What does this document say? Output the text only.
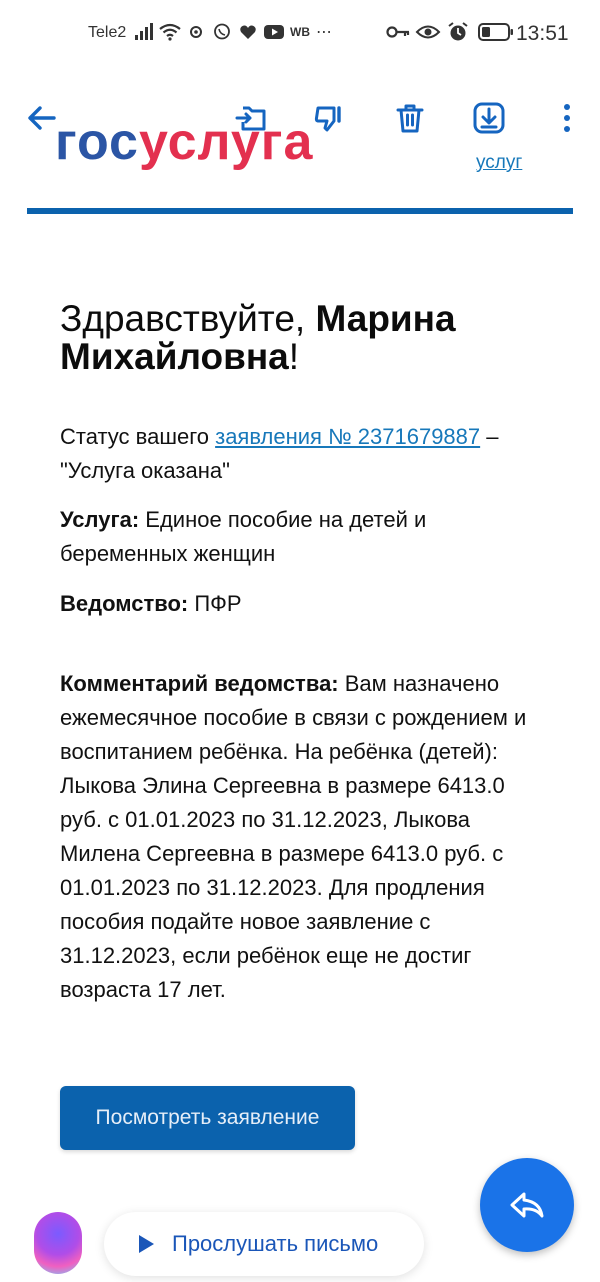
Tele2	WB ⋯	13:51
госуслуга	услуг

Здравствуйте, Марина Михайловна!

Статус вашего заявления № 2371679887 – "Услуга оказана"

Услуга: Единое пособие на детей и беременных женщин

Ведомство: ПФР

Комментарий ведомства: Вам назначено ежемесячное пособие в связи с рождением и воспитанием ребёнка. На ребёнка (детей): Лыкова Элина Сергеевна в размере 6413.0 руб. с 01.01.2023 по 31.12.2023, Лыкова Милена Сергеевна в размере 6413.0 руб. с 01.01.2023 по 31.12.2023. Для продления пособия подайте новое заявление с 31.12.2023, если ребёнок еще не достиг возраста 17 лет.

Посмотреть заявление
Прослушать письмо
